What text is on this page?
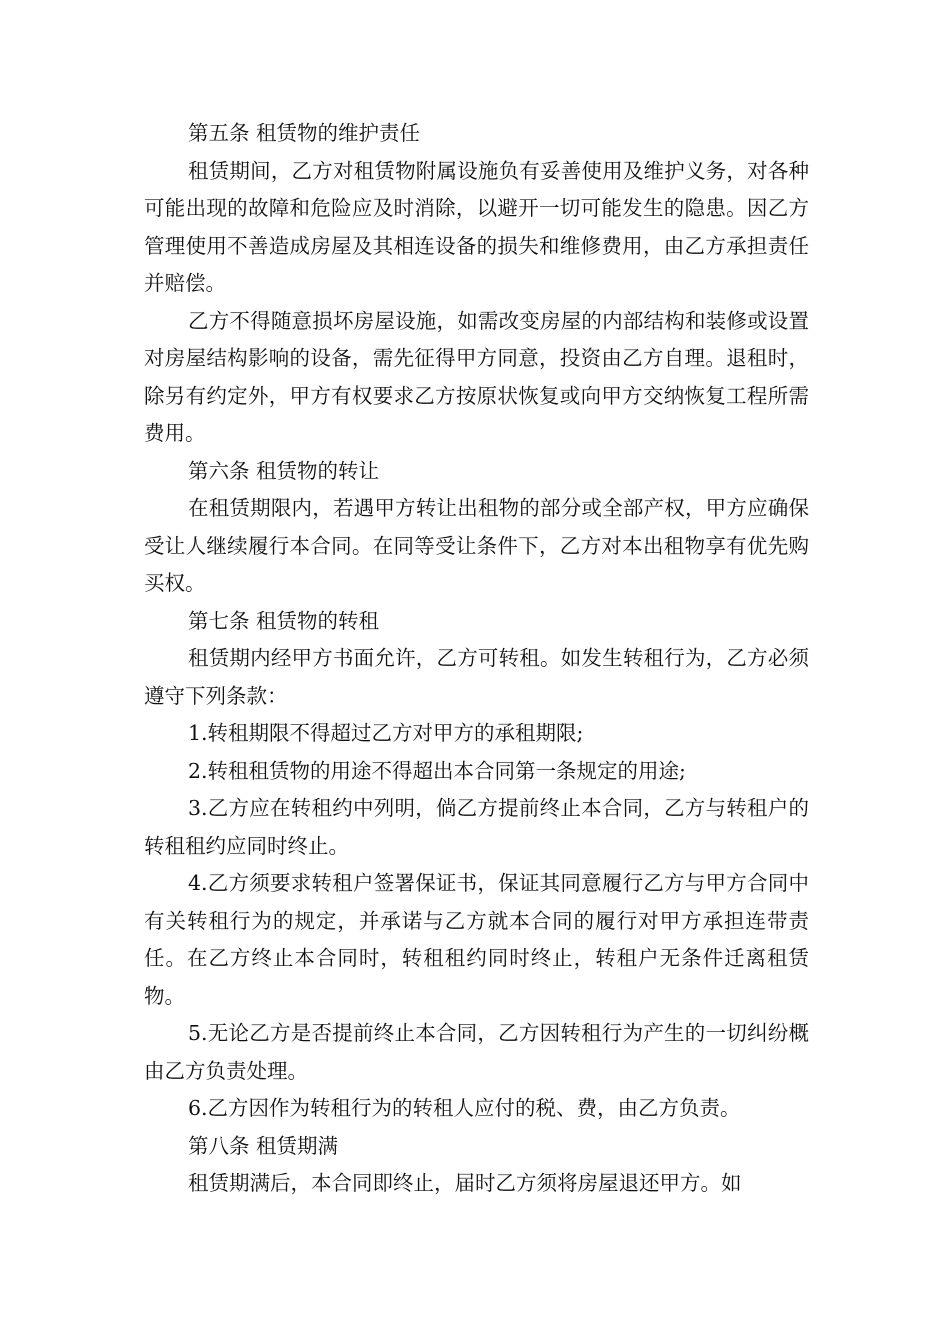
第五条 租赁物的维护责任

租赁期间，乙方对租赁物附属设施负有妥善使用及维护义务，对各种可能出现的故障和危险应及时消除，以避开一切可能发生的隐患。因乙方管理使用不善造成房屋及其相连设备的损失和维修费用，由乙方承担责任并赔偿。

乙方不得随意损坏房屋设施，如需改变房屋的内部结构和装修或设置对房屋结构影响的设备，需先征得甲方同意，投资由乙方自理。退租时，除另有约定外，甲方有权要求乙方按原状恢复或向甲方交纳恢复工程所需费用。

第六条 租赁物的转让

在租赁期限内，若遇甲方转让出租物的部分或全部产权，甲方应确保受让人继续履行本合同。在同等受让条件下，乙方对本出租物享有优先购买权。

第七条 租赁物的转租

租赁期内经甲方书面允许，乙方可转租。如发生转租行为，乙方必须遵守下列条款：

1.转租期限不得超过乙方对甲方的承租期限;

2.转租租赁物的用途不得超出本合同第一条规定的用途;

3.乙方应在转租约中列明，倘乙方提前终止本合同，乙方与转租户的转租租约应同时终止。

4.乙方须要求转租户签署保证书，保证其同意履行乙方与甲方合同中有关转租行为的规定，并承诺与乙方就本合同的履行对甲方承担连带责任。在乙方终止本合同时，转租租约同时终止，转租户无条件迁离租赁物。

5.无论乙方是否提前终止本合同，乙方因转租行为产生的一切纠纷概由乙方负责处理。

6.乙方因作为转租行为的转租人应付的税、费，由乙方负责。

第八条 租赁期满

租赁期满后，本合同即终止，届时乙方须将房屋退还甲方。如
